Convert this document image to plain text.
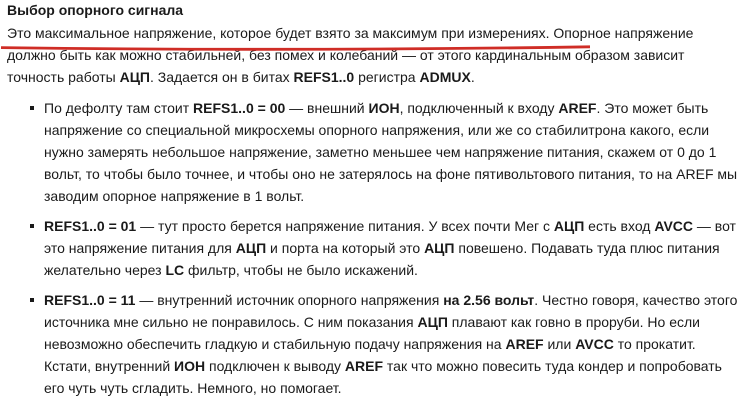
Выбор опорного сигнала

Это максимальное напряжение, которое будет взято за максимум при измерениях. Опорное напряжение должно быть как можно стабильней, без помех и колебаний — от этого кардинальным образом зависит точность работы АЦП. Задается он в битах REFS1..0 регистра ADMUX.

По дефолту там стоит REFS1..0 = 00 — внешний ИОН, подключенный к входу AREF. Это может быть напряжение со специальной микросхемы опорного напряжения, или же со стабилитрона какого, если нужно замерять небольшое напряжение, заметно меньшее чем напряжение питания, скажем от 0 до 1 вольт, то чтобы было точнее, и чтобы оно не затерялось на фоне пятивольтового питания, то на AREF мы заводим опорное напряжение в 1 вольт.
REFS1..0 = 01 — тут просто берется напряжение питания. У всех почти Мег с АЦП есть вход AVCC — вот это напряжение питания для АЦП и порта на который это АЦП повешено. Подавать туда плюс питания желательно через LC фильтр, чтобы не было искажений.
REFS1..0 = 11 — внутренний источник опорного напряжения на 2.56 вольт. Честно говоря, качество этого источника мне сильно не понравилось. С ним показания АЦП плавают как говно в проруби. Но если невозможно обеспечить гладкую и стабильную подачу напряжения на AREF или AVCC то прокатит. Кстати, внутренний ИОН подключен к выводу AREF так что можно повесить туда кондер и попробовать его чуть чуть сгладить. Немного, но помогает.
